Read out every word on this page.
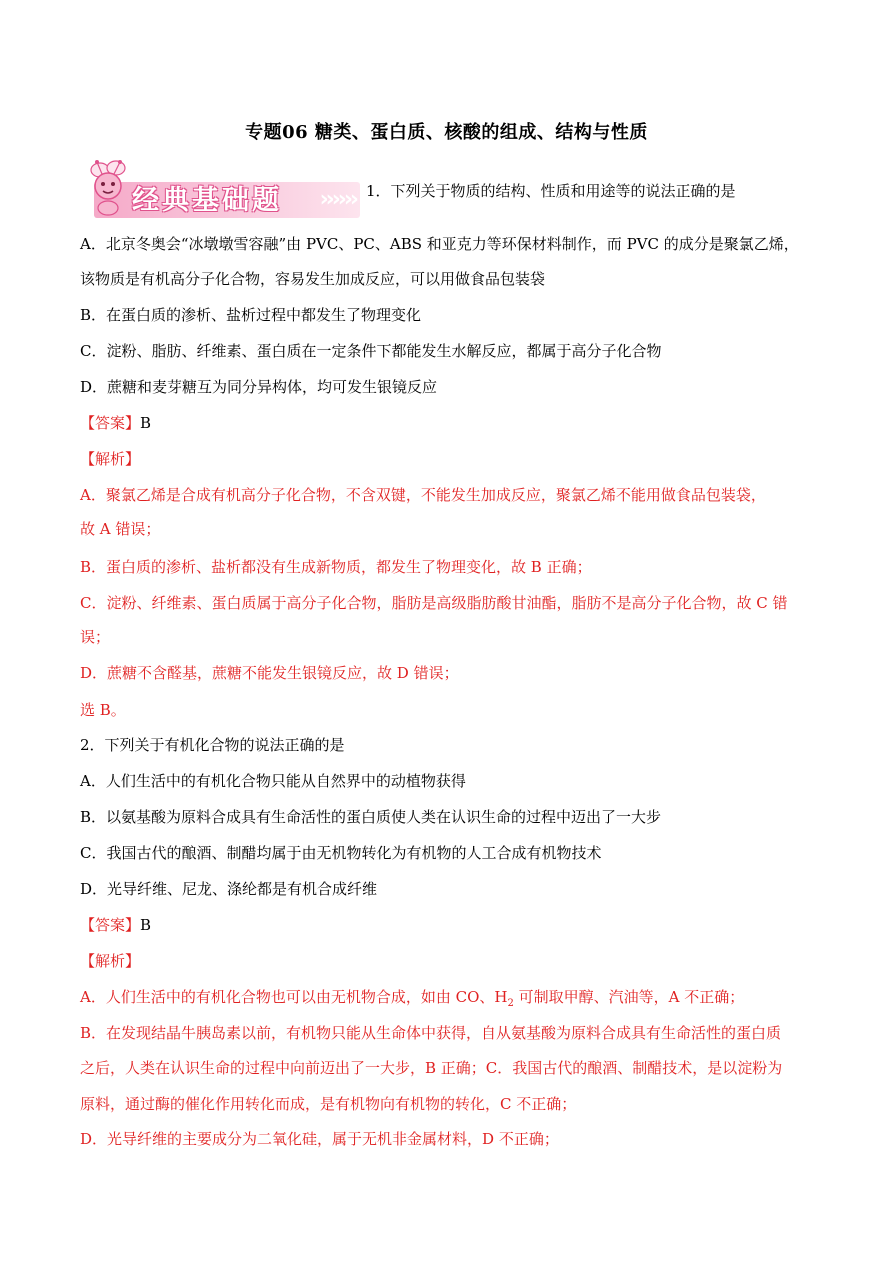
专题06 糖类、蛋白质、核酸的组成、结构与性质
››››››
经典基础题	1．下列关于物质的结构、性质和用途等的说法正确的是
A．北京冬奥会“冰墩墩雪容融”由 PVC、PC、ABS 和亚克力等环保材料制作，而 PVC 的成分是聚氯乙烯，
该物质是有机高分子化合物，容易发生加成反应，可以用做食品包装袋
B．在蛋白质的渗析、盐析过程中都发生了物理变化
C．淀粉、脂肪、纤维素、蛋白质在一定条件下都能发生水解反应，都属于高分子化合物
D．蔗糖和麦芽糖互为同分异构体，均可发生银镜反应
【答案】B
【解析】
A．聚氯乙烯是合成有机高分子化合物，不含双键，不能发生加成反应，聚氯乙烯不能用做食品包装袋，
故 A 错误；
B．蛋白质的渗析、盐析都没有生成新物质，都发生了物理变化，故 B 正确；
C．淀粉、纤维素、蛋白质属于高分子化合物，脂肪是高级脂肪酸甘油酯，脂肪不是高分子化合物，故 C 错
误；
D．蔗糖不含醛基，蔗糖不能发生银镜反应，故 D 错误；
选 B。
2．下列关于有机化合物的说法正确的是
A．人们生活中的有机化合物只能从自然界中的动植物获得
B．以氨基酸为原料合成具有生命活性的蛋白质使人类在认识生命的过程中迈出了一大步
C．我国古代的酿酒、制醋均属于由无机物转化为有机物的人工合成有机物技术
D．光导纤维、尼龙、涤纶都是有机合成纤维
【答案】B
【解析】
A．人们生活中的有机化合物也可以由无机物合成，如由 CO、$H_2$ 可制取甲醇、汽油等，A 不正确；
B．在发现结晶牛胰岛素以前，有机物只能从生命体中获得，自从氨基酸为原料合成具有生命活性的蛋白质
之后，人类在认识生命的过程中向前迈出了一大步，B 正确；C．我国古代的酿酒、制醋技术，是以淀粉为
原料，通过酶的催化作用转化而成，是有机物向有机物的转化，C 不正确；
D．光导纤维的主要成分为二氧化硅，属于无机非金属材料，D 不正确；
